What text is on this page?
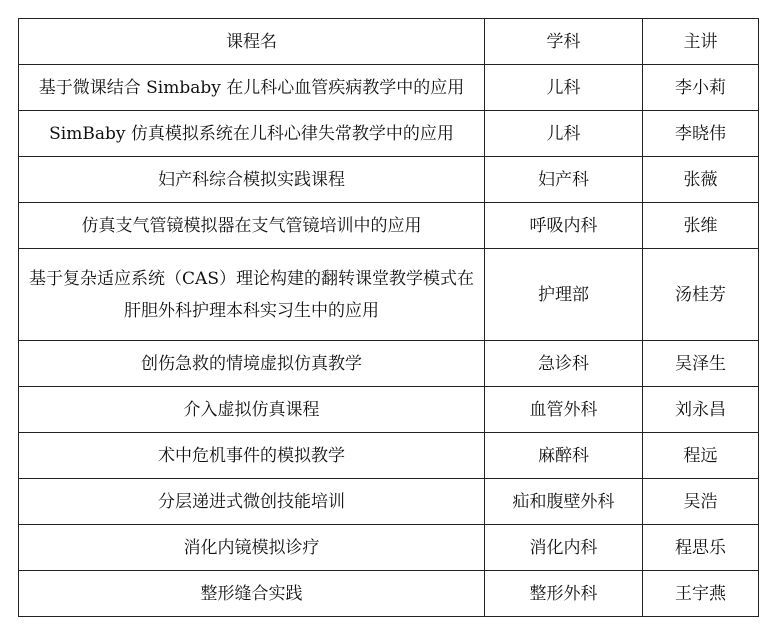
课程名	学科	主讲
基于微课结合 Simbaby 在儿科心血管疾病教学中的应用	儿科	李小莉
SimBaby 仿真模拟系统在儿科心律失常教学中的应用	儿科	李晓伟
妇产科综合模拟实践课程	妇产科	张薇
仿真支气管镜模拟器在支气管镜培训中的应用	呼吸内科	张维

基于复杂适应系统（CAS）理论构建的翻转课堂教学模式在肝胆外科护理本科实习生中的应用	护理部	汤桂芳
创伤急救的情境虚拟仿真教学	急诊科	吴泽生
介入虚拟仿真课程	血管外科	刘永昌
术中危机事件的模拟教学	麻醉科	程远
分层递进式微创技能培训	疝和腹壁外科	吴浩
消化内镜模拟诊疗	消化内科	程思乐
整形缝合实践	整形外科	王宇燕
